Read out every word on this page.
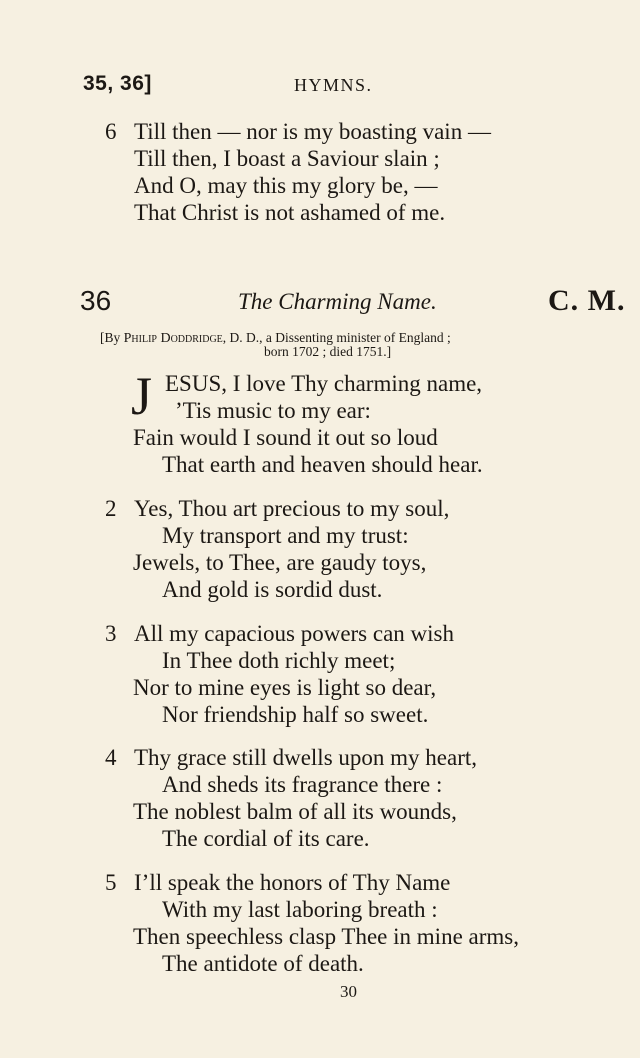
35, 36]	HYMNS.
6 Till then — nor is my boasting vain —
Till then, I boast a Saviour slain ;
And O, may this my glory be, —
That Christ is not ashamed of me.
36	The Charming Name.	C. M.
[By Philip Doddridge, D. D., a Dissenting minister of England ;
born 1702 ; died 1751.]
J ESUS, I love Thy charming name,
’Tis music to my ear:
Fain would I sound it out so loud
That earth and heaven should hear.
2 Yes, Thou art precious to my soul,
My transport and my trust:
Jewels, to Thee, are gaudy toys,
And gold is sordid dust.
3 All my capacious powers can wish
In Thee doth richly meet;
Nor to mine eyes is light so dear,
Nor friendship half so sweet.
4 Thy grace still dwells upon my heart,
And sheds its fragrance there :
The noblest balm of all its wounds,
The cordial of its care.
5 I’ll speak the honors of Thy Name
With my last laboring breath :
Then speechless clasp Thee in mine arms,
The antidote of death.
30
